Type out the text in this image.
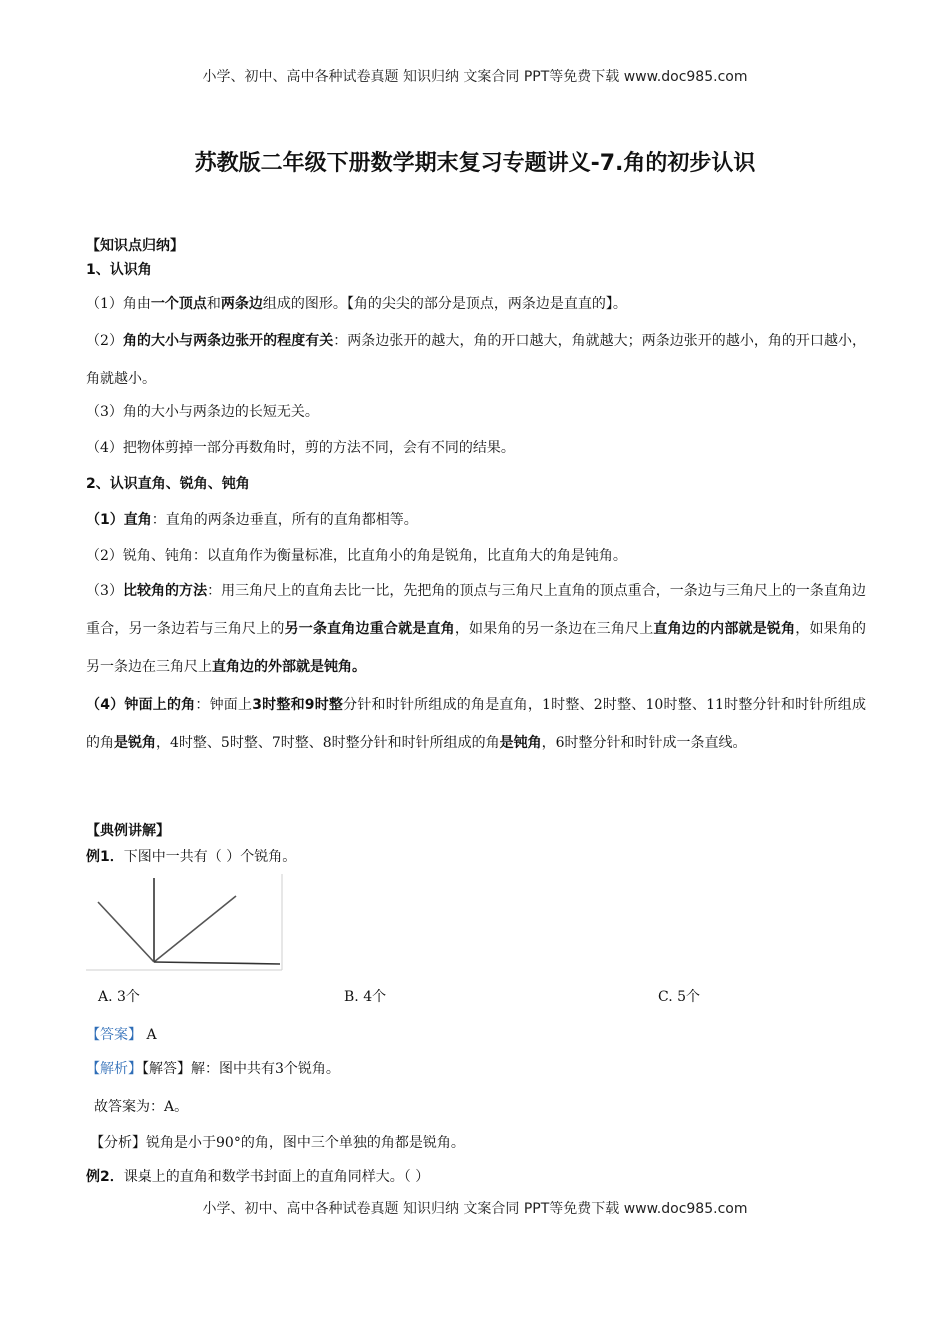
小学、初中、高中各种试卷真题 知识归纳 文案合同 PPT等免费下载 www.doc985.com
苏教版二年级下册数学期末复习专题讲义-7.角的初步认识
【知识点归纳】
1、认识角
（1）角由一个顶点和两条边组成的图形。【角的尖尖的部分是顶点，两条边是直直的】。
（2）角的大小与两条边张开的程度有关：两条边张开的越大，角的开口越大，角就越大；两条边张开的越小，角的开口越小，角就越小。
（3）角的大小与两条边的长短无关。
（4）把物体剪掉一部分再数角时，剪的方法不同，会有不同的结果。
2、认识直角、锐角、钝角
（1）直角：直角的两条边垂直，所有的直角都相等。
（2）锐角、钝角：以直角作为衡量标准，比直角小的角是锐角，比直角大的角是钝角。
（3）比较角的方法：用三角尺上的直角去比一比，先把角的顶点与三角尺上直角的顶点重合，一条边与三角尺上的一条直角边重合，另一条边若与三角尺上的另一条直角边重合就是直角，如果角的另一条边在三角尺上直角边的内部就是锐角，如果角的另一条边在三角尺上直角边的外部就是钝角。
（4）钟面上的角：钟面上3时整和9时整分针和时针所组成的角是直角，1时整、2时整、10时整、11时整分针和时针所组成的角是锐角，4时整、5时整、7时整、8时整分针和时针所组成的角是钝角，6时整分针和时针成一条直线。
【典例讲解】
例1．下图中一共有（ ）个锐角。
A. 3个	B. 4个	C. 5个
【答案】 A
【解析】【解答】解：图中共有3个锐角。
故答案为：A。
【分析】锐角是小于90°的角，图中三个单独的角都是锐角。
例2．课桌上的直角和数学书封面上的直角同样大。（ ）
小学、初中、高中各种试卷真题 知识归纳 文案合同 PPT等免费下载 www.doc985.com
